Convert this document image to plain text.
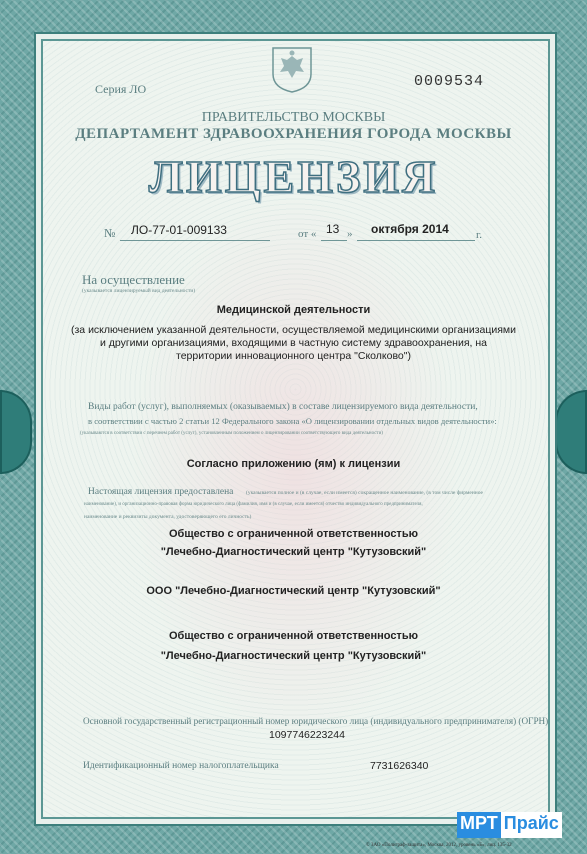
Серия ЛО	0009534
ПРАВИТЕЛЬСТВО МОСКВЫ
ДЕПАРТАМЕНТ ЗДРАВООХРАНЕНИЯ ГОРОДА МОСКВЫ
ЛИЦЕНЗИЯ
№ ЛО-77-01-009133	от « 13 » октября 2014 г.
На осуществление
(указывается лицензируемый вид деятельности)
Медицинской деятельности
(за исключением указанной деятельности, осуществляемой медицинскими организациями
и другими организациями, входящими в частную систему здравоохранения, на
территории инновационного центра "Сколково")
Виды работ (услуг), выполняемых (оказываемых) в составе лицензируемого вида деятельности,
в соответствии с частью 2 статьи 12 Федерального закона «О лицензировании отдельных видов деятельности»:
(указываются в соответствии с перечнем работ (услуг), установленным положением о лицензировании соответствующего вида деятельности)
Согласно приложению (ям) к лицензии
Настоящая лицензия предоставлена (указывается полное и (в случае, если имеется) сокращенное наименование, (в том числе фирменное
наименование), и организационно-правовая форма юридического лица (фамилия, имя и (в случае, если имеется) отчество индивидуального предпринимателя,
наименование и реквизиты документа, удостоверяющего его личность)
Общество с ограниченной ответственностью
"Лечебно-Диагностический центр "Кутузовский"
ООО "Лечебно-Диагностический центр "Кутузовский"
Общество с ограниченной ответственностью
"Лечебно-Диагностический центр "Кутузовский"
Основной государственный регистрационный номер юридического лица (индивидуального предпринимателя) (ОГРН)
1097746223244
Идентификационный номер налогоплательщика	7731626340
© ЗАО «Полиграф-защита», Москва, 2012, уровень «Б», лиц. 135-32
МРТ Прайс
